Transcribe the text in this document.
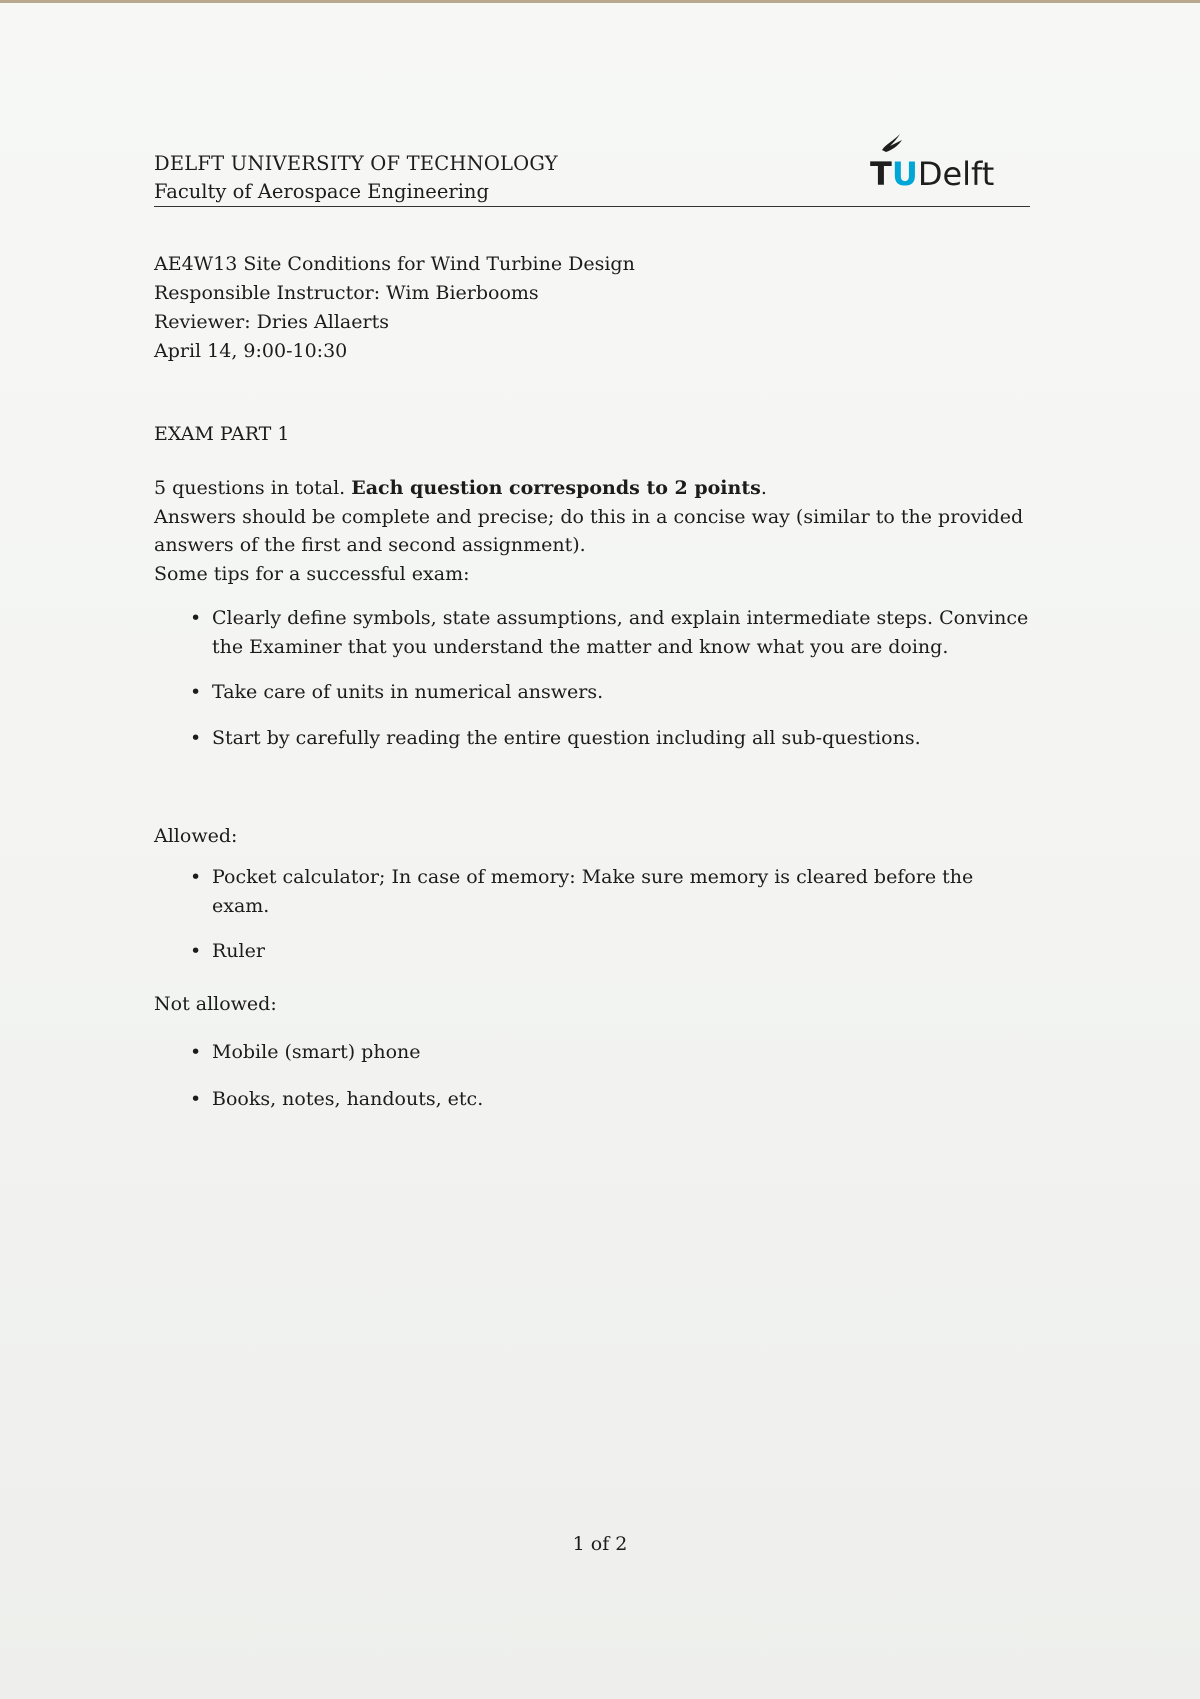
DELFT UNIVERSITY OF TECHNOLOGY
Faculty of Aerospace Engineering	TUDelft
AE4W13 Site Conditions for Wind Turbine Design
Responsible Instructor: Wim Bierbooms
Reviewer: Dries Allaerts
April 14, 9:00-10:30
EXAM PART 1

5 questions in total. Each question corresponds to 2 points.

Answers should be complete and precise; do this in a concise way (similar to the provided answers of the first and second assignment).

Some tips for a successful exam:

• Clearly define symbols, state assumptions, and explain intermediate steps. Convince the Examiner that you understand the matter and know what you are doing.
• Take care of units in numerical answers.
• Start by carefully reading the entire question including all sub-questions.
Allowed:
• Pocket calculator; In case of memory: Make sure memory is cleared before the exam.
• Ruler
Not allowed:
• Mobile (smart) phone
• Books, notes, handouts, etc.
1 of 2
